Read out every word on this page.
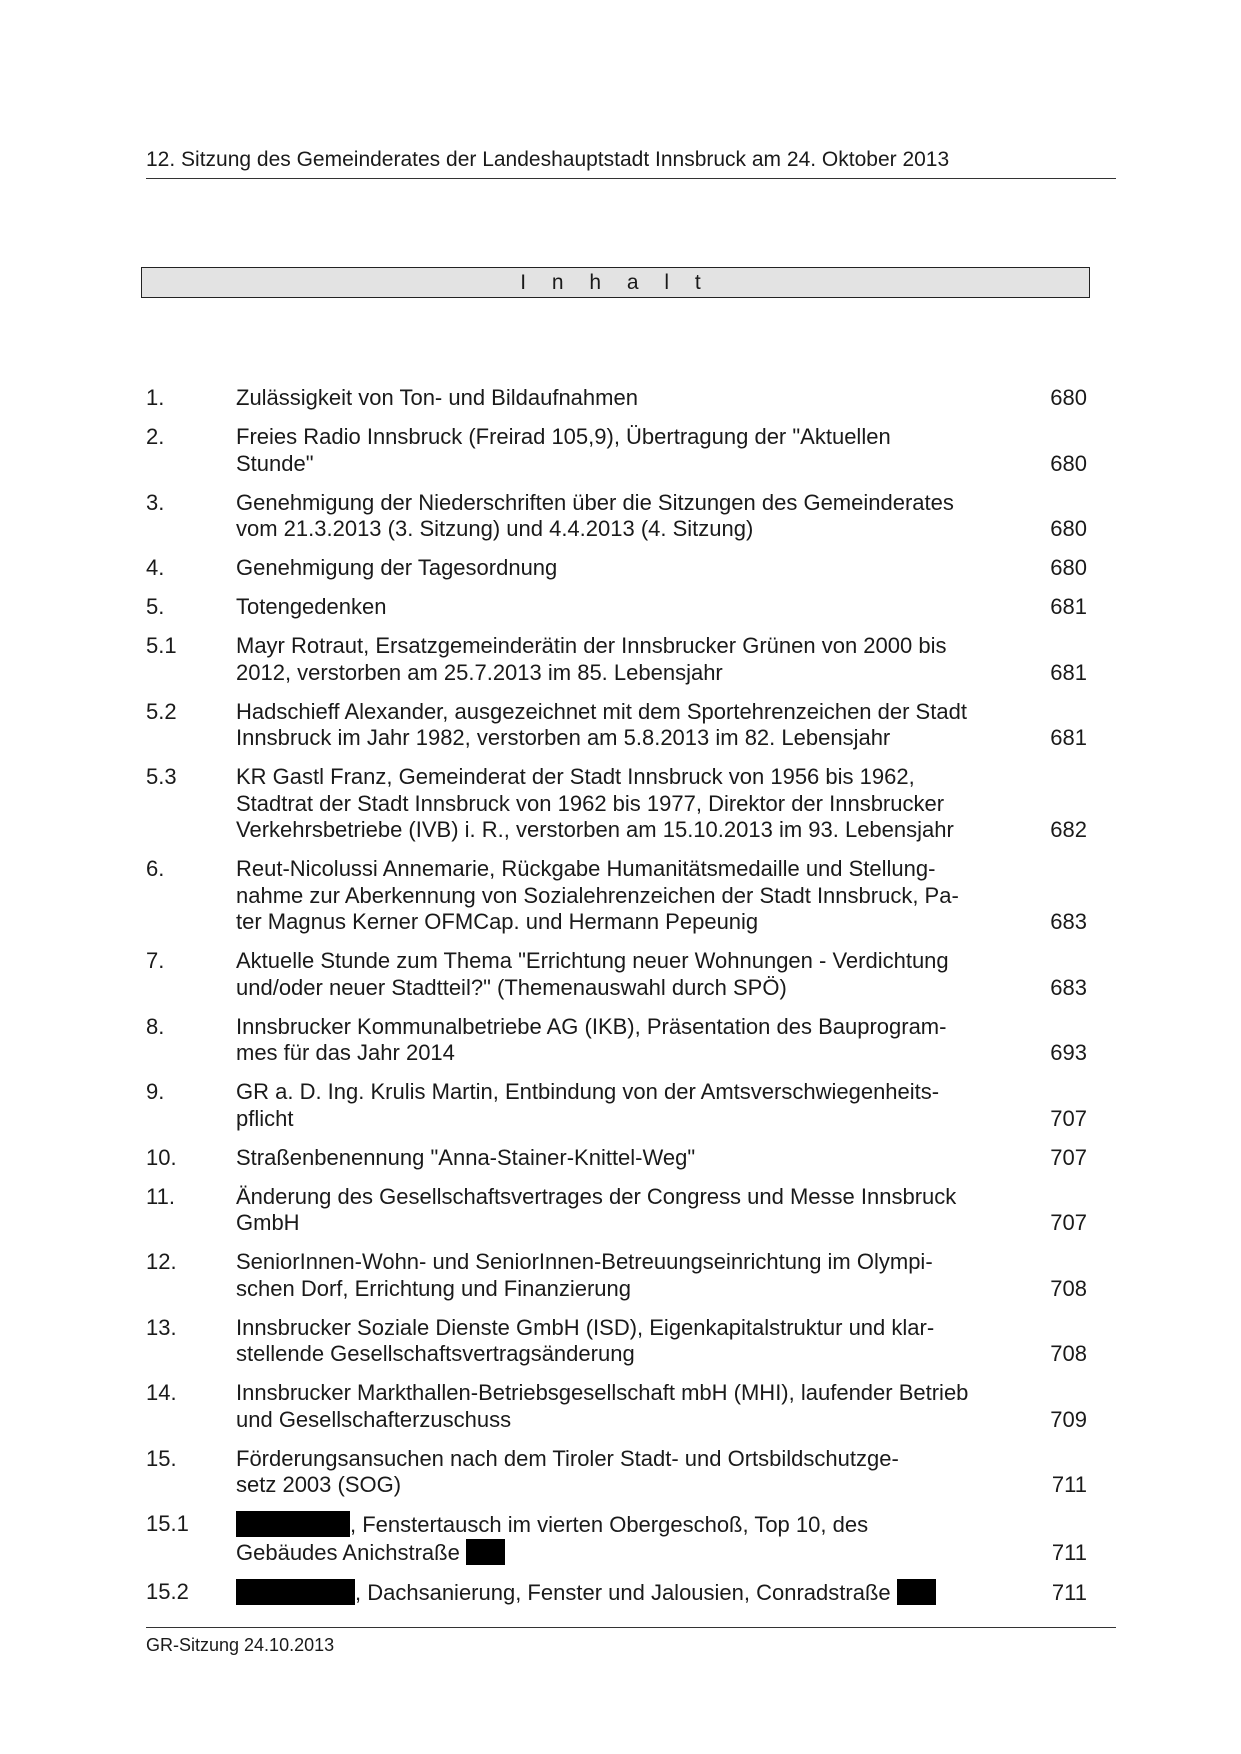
12. Sitzung des Gemeinderates der Landeshauptstadt Innsbruck am 24. Oktober 2013
I n h a l t
1.	Zulässigkeit von Ton- und Bildaufnahmen	680
2.	Freies Radio Innsbruck (Freirad 105,9), Übertragung der "Aktuellen
Stunde"	680
3.	Genehmigung der Niederschriften über die Sitzungen des Gemeinderates
vom 21.3.2013 (3. Sitzung) und 4.4.2013 (4. Sitzung)	680
4.	Genehmigung der Tagesordnung	680
5.	Totengedenken	681
5.1	Mayr Rotraut, Ersatzgemeinderätin der Innsbrucker Grünen von 2000 bis
2012, verstorben am 25.7.2013 im 85. Lebensjahr	681
5.2	Hadschieff Alexander, ausgezeichnet mit dem Sportehrenzeichen der Stadt
Innsbruck im Jahr 1982, verstorben am 5.8.2013 im 82. Lebensjahr	681
5.3	KR Gastl Franz, Gemeinderat der Stadt Innsbruck von 1956 bis 1962,
Stadtrat der Stadt Innsbruck von 1962 bis 1977, Direktor der Innsbrucker
Verkehrsbetriebe (IVB) i. R., verstorben am 15.10.2013 im 93. Lebensjahr	682
6.	Reut-Nicolussi Annemarie, Rückgabe Humanitätsmedaille und Stellung-
nahme zur Aberkennung von Sozialehrenzeichen der Stadt Innsbruck, Pa-
ter Magnus Kerner OFMCap. und Hermann Pepeunig	683
7.	Aktuelle Stunde zum Thema "Errichtung neuer Wohnungen - Verdichtung
und/oder neuer Stadtteil?" (Themenauswahl durch SPÖ)	683
8.	Innsbrucker Kommunalbetriebe AG (IKB), Präsentation des Bauprogram-
mes für das Jahr 2014	693
9.	GR a. D. Ing. Krulis Martin, Entbindung von der Amtsverschwiegenheits-
pflicht	707
10.	Straßenbenennung "Anna-Stainer-Knittel-Weg"	707
11.	Änderung des Gesellschaftsvertrages der Congress und Messe Innsbruck
GmbH	707
12.	SeniorInnen-Wohn- und SeniorInnen-Betreuungseinrichtung im Olympi-
schen Dorf, Errichtung und Finanzierung	708
13.	Innsbrucker Soziale Dienste GmbH (ISD), Eigenkapitalstruktur und klar-
stellende Gesellschaftsvertragsänderung	708
14.	Innsbrucker Markthallen-Betriebsgesellschaft mbH (MHI), laufender Betrieb
und Gesellschafterzuschuss	709
15.	Förderungsansuchen nach dem Tiroler Stadt- und Ortsbildschutzge-
setz 2003 (SOG)	711
15.1	, Fenstertausch im vierten Obergeschoß, Top 10, des
Gebäudes Anichstraße	711
15.2	, Dachsanierung, Fenster und Jalousien, Conradstraße	711
GR-Sitzung 24.10.2013
